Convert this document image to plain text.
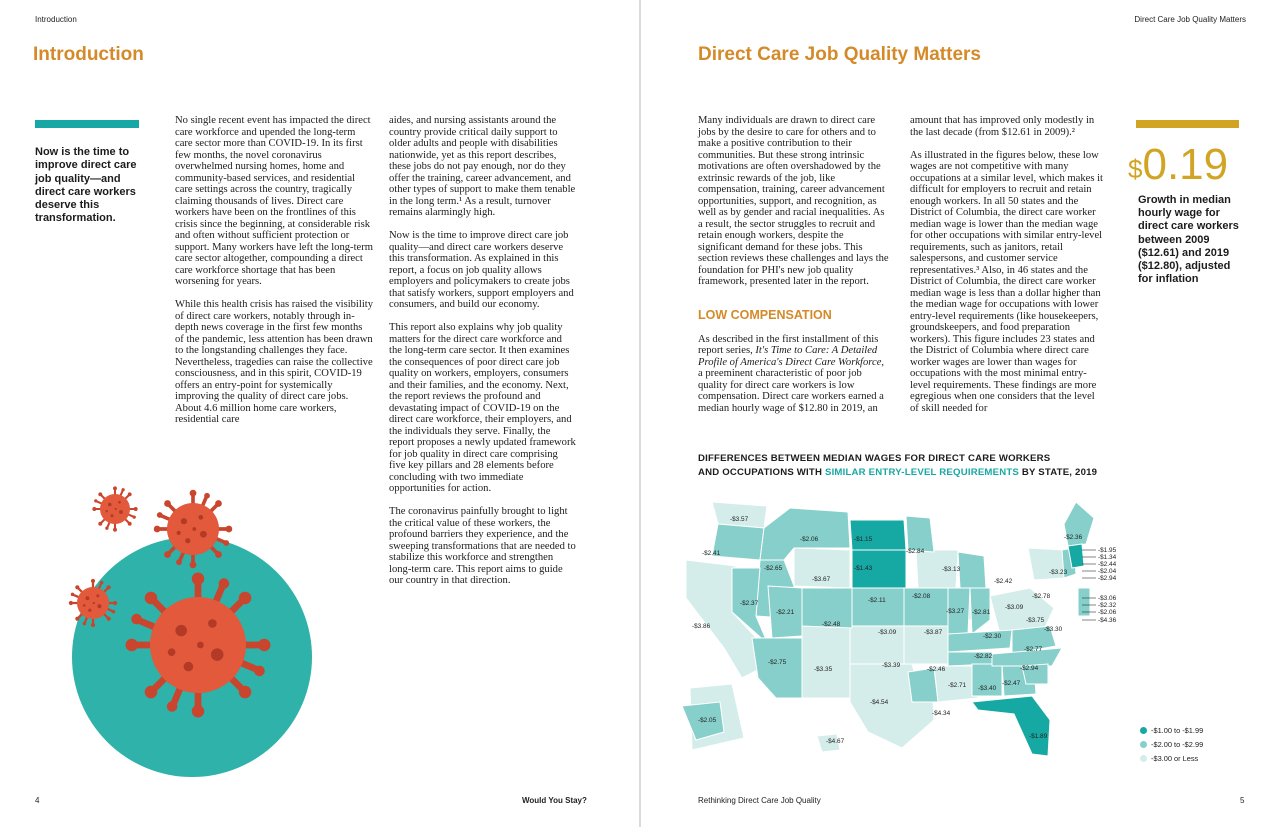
Introduction
Introduction
Now is the time to improve direct care job quality—and direct care workers deserve this transformation.

No single recent event has impacted the direct care workforce and upended the long-term care sector more than COVID-19. In its first few months, the novel coronavirus overwhelmed nursing homes, home and community-based services, and residential care settings across the country, tragically claiming thousands of lives. Direct care workers have been on the frontlines of this crisis since the beginning, at considerable risk and often without sufficient protection or support. Many workers have left the long-term care sector altogether, compounding a direct care workforce shortage that has been worsening for years.

While this health crisis has raised the visibility of direct care workers, notably through in-depth news coverage in the first few months of the pandemic, less attention has been drawn to the longstanding challenges they face. Nevertheless, tragedies can raise the collective consciousness, and in this spirit, COVID-19 offers an entry-point for systemically improving the quality of direct care jobs. About 4.6 million home care workers, residential care

aides, and nursing assistants around the country provide critical daily support to older adults and people with disabilities nationwide, yet as this report describes, these jobs do not pay enough, nor do they offer the training, career advancement, and other types of support to make them tenable in the long term.¹ As a result, turnover remains alarmingly high.

Now is the time to improve direct care job quality—and direct care workers deserve this transformation. As explained in this report, a focus on job quality allows employers and policymakers to create jobs that satisfy workers, support employers and consumers, and build our economy.

This report also explains why job quality matters for the direct care workforce and the long-term care sector. It then examines the consequences of poor direct care job quality on workers, employers, consumers and their families, and the economy. Next, the report reviews the profound and devastating impact of COVID-19 on the direct care workforce, their employers, and the individuals they serve. Finally, the report proposes a newly updated framework for job quality in direct care comprising five key pillars and 28 elements before concluding with two immediate opportunities for action.

The coronavirus painfully brought to light the critical value of these workers, the profound barriers they experience, and the sweeping transformations that are needed to stabilize this workforce and strengthen long-term care. This report aims to guide our country in that direction.

4	Would You Stay?
Direct Care Job Quality Matters
Direct Care Job Quality Matters

Many individuals are drawn to direct care jobs by the desire to care for others and to make a positive contribution to their communities. But these strong intrinsic motivations are often overshadowed by the extrinsic rewards of the job, like compensation, training, career advancement opportunities, support, and recognition, as well as by gender and racial inequalities. As a result, the sector struggles to recruit and retain enough workers, despite the significant demand for these jobs. This section reviews these challenges and lays the foundation for PHI's new job quality framework, presented later in the report.

LOW COMPENSATION

As described in the first installment of this report series, It's Time to Care: A Detailed Profile of America's Direct Care Workforce, a preeminent characteristic of poor job quality for direct care workers is low compensation. Direct care workers earned a median hourly wage of $12.80 in 2019, an

amount that has improved only modestly in the last decade (from $12.61 in 2009).²

As illustrated in the figures below, these low wages are not competitive with many occupations at a similar level, which makes it difficult for employers to recruit and retain enough workers. In all 50 states and the District of Columbia, the direct care worker median wage is lower than the median wage for other occupations with similar entry-level requirements, such as janitors, retail salespersons, and customer service representatives.³ Also, in 46 states and the District of Columbia, the direct care worker median wage is less than a dollar higher than the median wage for occupations with lower entry-level requirements (like housekeepers, groundskeepers, and food preparation workers). This figure includes 23 states and the District of Columbia where direct care worker wages are lower than wages for occupations with the most minimal entry-level requirements. These findings are more egregious when one considers that the level of skill needed for

$0.19
Growth in median hourly wage for direct care workers between 2009 ($12.61) and 2019 ($12.80), adjusted for inflation
DIFFERENCES BETWEEN MEDIAN WAGES FOR DIRECT CARE WORKERS
AND OCCUPATIONS WITH SIMILAR ENTRY-LEVEL REQUIREMENTS BY STATE, 2019
-$3.57
-$2.06	-$1.15
-$2.41
-$2.65
-$3.67
-$1.43
-$2.84
-$3.13
-$2.42
-$3.23
-$2.36
-$2.37
-$2.21
-$2.48
-$2.11
-$2.08
-$3.27 -$2.81
-$3.09
-$2.78
-$3.86
-$3.09	-$3.87
-$2.30
-$3.75
-$3.30
-$2.75
-$3.35
-$3.39
-$2.46
-$2.82
-$2.77
-$2.94
-$2.71 -$3.40
-$2.47
-$4.54
-$4.34
-$2.05
-$1.89
-$4.67
-$1.95
-$1.34
-$2.44
-$2.04
-$2.94
-$3.06
-$2.32
-$2.06
-$4.36
-$1.00 to -$1.99
-$2.00 to -$2.99
-$3.00 or Less
Rethinking Direct Care Job Quality	5
